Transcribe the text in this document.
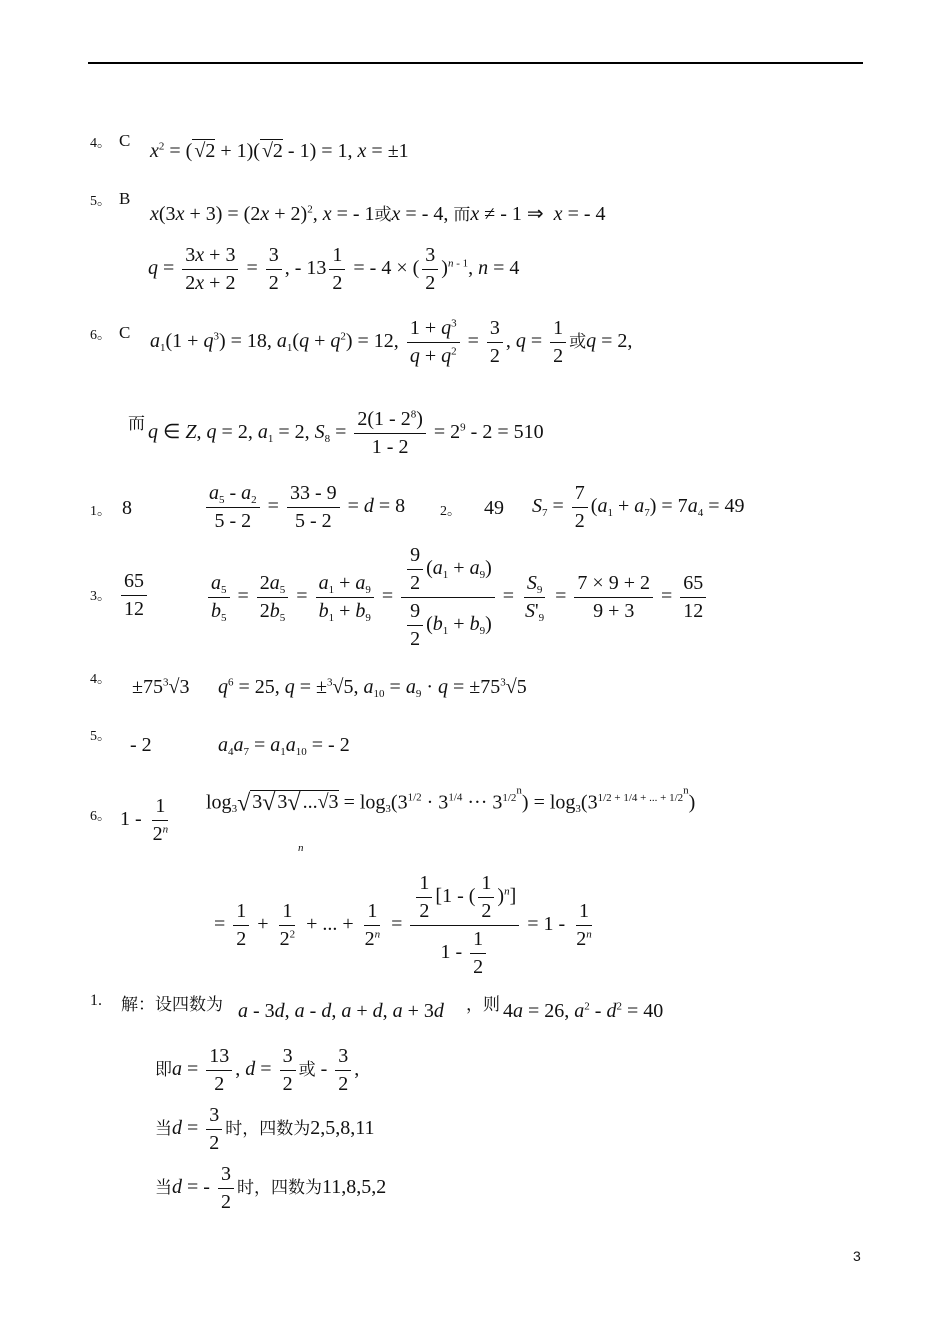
4。 C $x^2$ = ( √2 + 1)( √2 - 1) = 1, x = ±1
5。 B
$x(3x + 3) = (2x + 2)^2$, x = - 1或x = - 4, 而x ≠ - 1 ⇒  x = - 4
$q = \frac{3x + 3}{2x + 2} = \frac{3}{2}$ , - $13 \frac{1}{2}$ = - 4 × ( $\frac{3}{2} )^{n - 1}$, n = 4
6。 C $a_1(1 + q^3) = 18$, $a_1(q + q^2) = 12$, $\frac{1 + q^3}{q + q^2} = \frac{3}{2}$ , $q = \frac{1}{2}$ 或q = 2,
而 q ∈ Z, q = 2, $a_1 = 2$, $S_8 = \frac{2(1 - 2^8)}{1 - 2} = 2^9 - 2 = 510$
1。 8	$\frac{a_5 - a_2}{5 - 2} = \frac{33 - 9}{5 - 2} = d = 8$ 2。 49 $S_7 = \frac{7}{2} (a_1 + a_7) = 7a_4 = 49$
3。 $\frac{65}{12}$	$\frac{a_5}{b_5} = \frac{2a_5}{2b_5} = \frac{a_1 + a_9}{b_1 + b_9} = \frac{\frac{9}{2} (a_1 + a_9)}{\frac{9}{2} (b_1 + b_9)} = \frac{S_9}{S'_9} = \frac{7 \times 9 + 2}{9 + 3} = \frac{65}{12}$
4。 $\pm 75^3√3$ $q^6 = 25$, q = ±$^3$√5, $a_{10} = a_9 \cdot q = \pm 75^3√5$
5。 - 2	$a_4a_7 = a_1a_{10}$ = - 2
6。 $1 - \frac{1}{2^n} \log_3√$ 3√ 3√ $...√3 = \log_3(3^{1/2} \cdot 3^{1/4}$ ··· $3^{1/2^n}) = \log_3(3^{1/2 + 1/4 + ... + 1/2^n})$
n
= $\frac{1}{2} + \frac{1}{2^2}$ + ... + $\frac{1}{2^n} = \frac{\frac{1}{2} [1 - ( \frac{1}{2} )^n]}{1 - \frac{1}{2}} = 1 - \frac{1}{2^n}$
1. 解：设四数为 a - 3d, a - d, a + d, a + 3d ，则 4a = 26, $a^2 - d^2 = 40$
即$a = \frac{13}{2}$ , $d = \frac{3}{2}$ 或 - $\frac{3}{2}$ ,
当$d = \frac{3}{2}$ 时，四数为2,5,8,11
当d = - $\frac{3}{2}$ 时，四数为11,8,5,2
3
